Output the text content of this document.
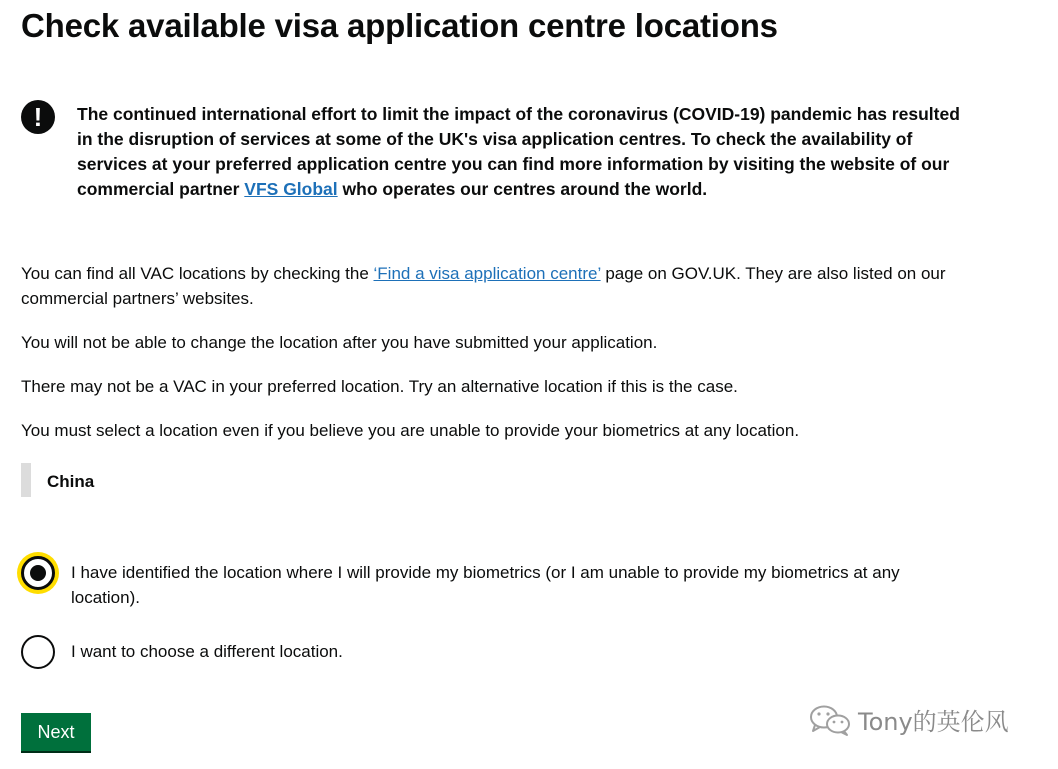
Check available visa application centre locations
!	The continued international effort to limit the impact of the coronavirus (COVID-19) pandemic has resulted in the disruption of services at some of the UK's visa application centres. To check the availability of services at your preferred application centre you can find more information by visiting the website of our commercial partner VFS Global who operates our centres around the world.

You can find all VAC locations by checking the ‘Find a visa application centre’ page on GOV.UK. They are also listed on our commercial partners’ websites.

You will not be able to change the location after you have submitted your application.

There may not be a VAC in your preferred location. Try an alternative location if this is the case.

You must select a location even if you believe you are unable to provide your biometrics at any location.

China
I have identified the location where I will provide my biometrics (or I am unable to provide my biometrics at any location).
I want to choose a different location.
Next	Tony的英伦风
